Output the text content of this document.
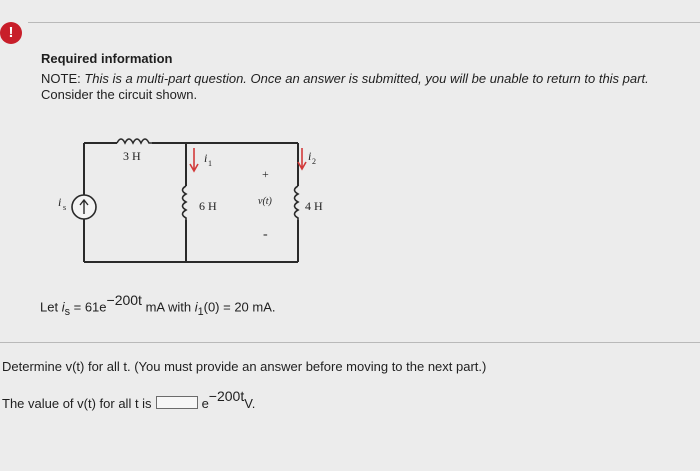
!
Required information
NOTE: This is a multi-part question. Once an answer is submitted, you will be unable to return to this part.
Consider the circuit shown.
3 H
6 H	4 H
i s
i 1
i 2
+
v(t)
-
Let $i_s = 61e^{-200t}$ mA with $i_1(0) = 20$ mA.
Determine v(t) for all t. (You must provide an answer before moving to the next part.)
The value of v(t) for all t is	$e^{-200t}$ V.
